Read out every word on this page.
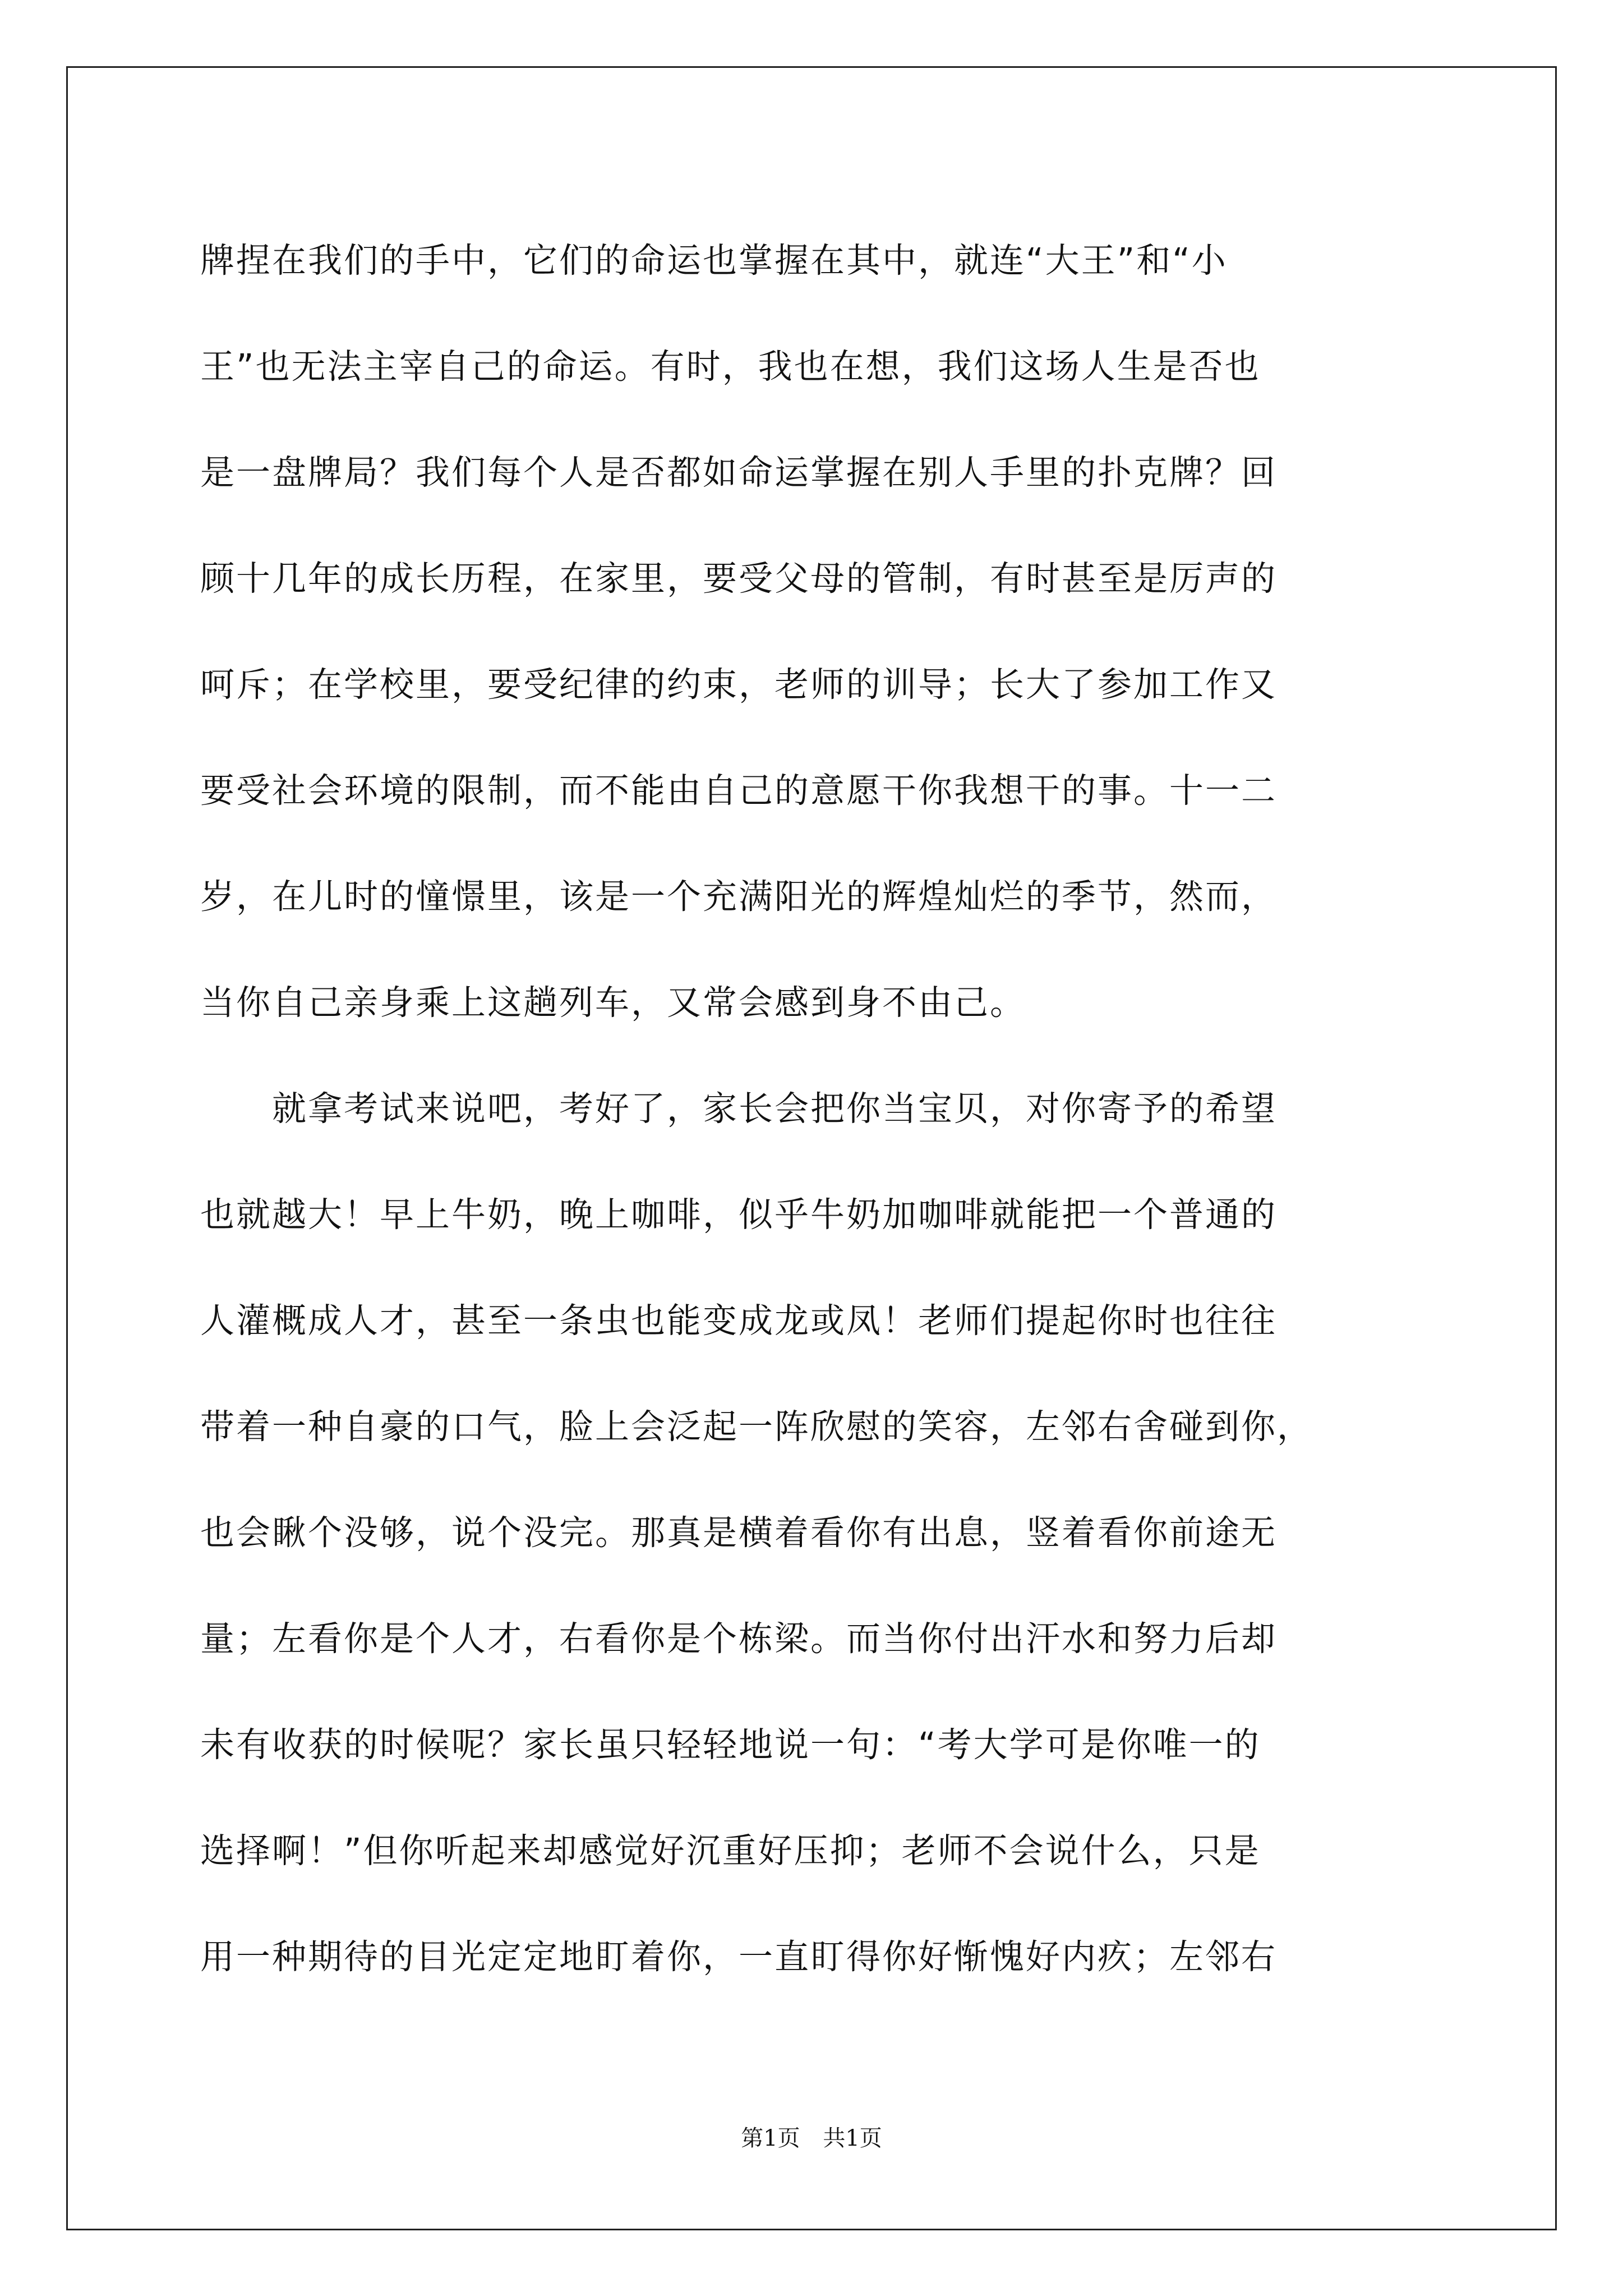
牌捏在我们的手中，它们的命运也掌握在其中，就连“大王”和“小
王”也无法主宰自己的命运。有时，我也在想，我们这场人生是否也
是一盘牌局？我们每个人是否都如命运掌握在别人手里的扑克牌？回
顾十几年的成长历程，在家里，要受父母的管制，有时甚至是厉声的
呵斥；在学校里，要受纪律的约束，老师的训导；长大了参加工作又
要受社会环境的限制，而不能由自己的意愿干你我想干的事。十一二
岁，在儿时的憧憬里，该是一个充满阳光的辉煌灿烂的季节，然而，
当你自己亲身乘上这趟列车，又常会感到身不由己。
　　就拿考试来说吧，考好了，家长会把你当宝贝，对你寄予的希望
也就越大！早上牛奶，晚上咖啡，似乎牛奶加咖啡就能把一个普通的
人灌概成人才，甚至一条虫也能变成龙或凤！老师们提起你时也往往
带着一种自豪的口气，脸上会泛起一阵欣慰的笑容，左邻右舍碰到你，
也会瞅个没够，说个没完。那真是横着看你有出息，竖着看你前途无
量；左看你是个人才，右看你是个栋梁。而当你付出汗水和努力后却
未有收获的时候呢？家长虽只轻轻地说一句：“考大学可是你唯一的
选择啊！”但你听起来却感觉好沉重好压抑；老师不会说什么，只是
用一种期待的目光定定地盯着你，一直盯得你好惭愧好内疚；左邻右
第1页 共1页
